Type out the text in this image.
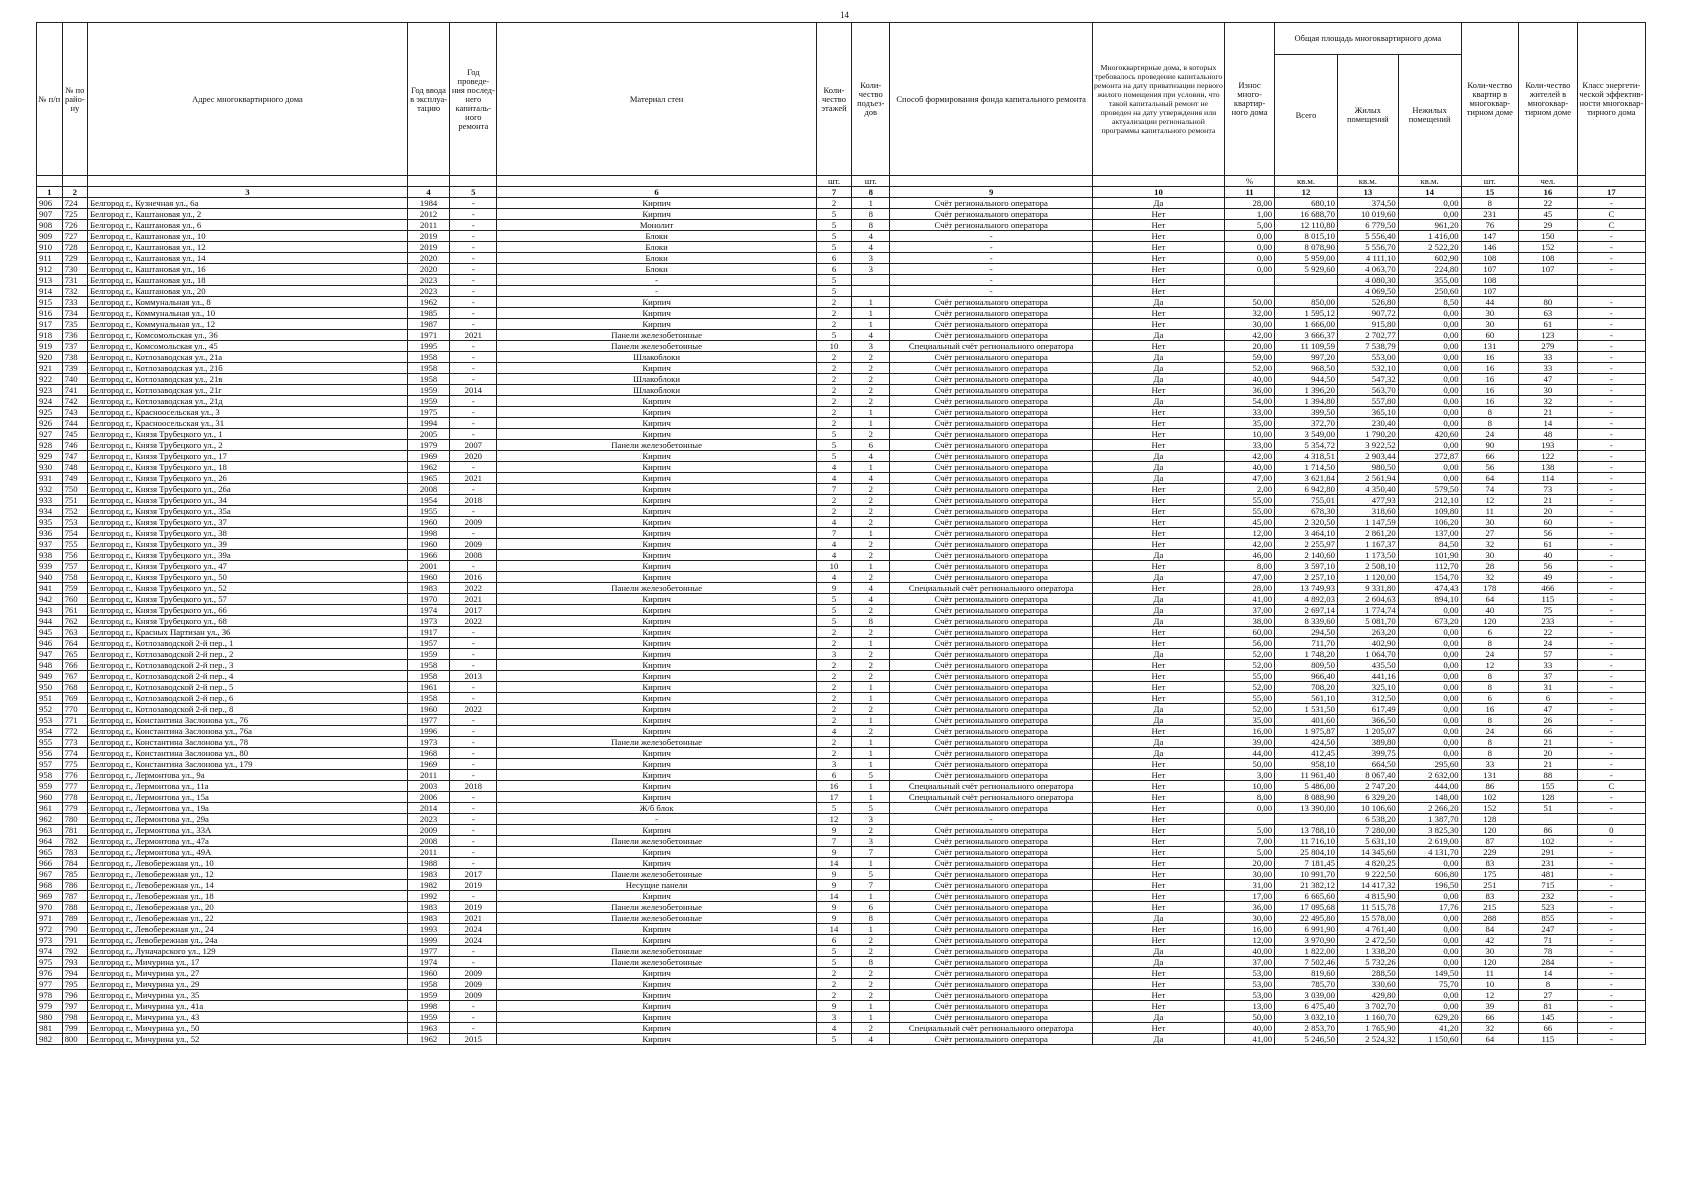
14
№ п/п	№ по райо-ну	Адрес многоквартирного дома	Год ввода в эксплуа-тацию	Год проведе-ния послед-него капиталь-ного ремонта	Материал стен	Коли-чество этажей	Коли-чество подъез-дов	Способ формирования фонда капитального ремонта	Многоквартирные дома, в которых требовалось проведение капитального ремонта на дату приватизации первого жилого помещения при условии, что такой капитальный ремонт не проведен на дату утверждения или актуализации региональной программы капитального ремонта	Износ много-квартир-ного дома	Общая площадь многоквартирного дома			Коли-чество квартир в многоквар-тирном доме	Коли-чество жителей в многоквар-тирном доме	Класс энергети-ческой эффектив-ности многоквар-тирного дома
											Всего	Жилых помещений	Нежилых помещений			
						шт.	шт.			%	кв.м.	кв.м.	кв.м.	шт.	чел.	
1	2	3	4	5	6	7	8	9	10	11	12	13	14	15	16	17
906	724	Белгород г., Кузнечная ул., 6а	1984	-	Кирпич	2	1	Счёт регионального оператора	Да	28,00	680,10	374,50	0,00	8	22	-
907	725	Белгород г., Каштановая ул., 2	2012	-	Кирпич	5	8	Счёт регионального оператора	Нет	1,00	16 688,70	10 019,60	0,00	231	45	С
908	726	Белгород г., Каштановая ул., 6	2011	-	Монолит	5	8	Счёт регионального оператора	Нет	5,00	12 110,80	6 779,50	961,20	76	29	С
909	727	Белгород г., Каштановая ул., 10	2019	-	Блоки	5	4	-	Нет	0,00	8 015,10	5 556,40	1 416,00	147	150	-
910	728	Белгород г., Каштановая ул., 12	2019	-	Блоки	5	4	-	Нет	0,00	8 078,90	5 556,70	2 522,20	146	152	-
911	729	Белгород г., Каштановая ул., 14	2020	-	Блоки	6	3	-	Нет	0,00	5 959,00	4 111,10	602,90	108	108	-
912	730	Белгород г., Каштановая ул., 16	2020	-	Блоки	6	3	-	Нет	0,00	5 929,60	4 063,70	224,80	107	107	-
913	731	Белгород г., Каштановая ул., 18	2023	-	-	5		-	Нет			4 080,30	355,00	108		
914	732	Белгород г., Каштановая ул., 20	2023	-	-	5		-	Нет			4 069,50	250,60	107		
915	733	Белгород г., Коммунальная ул., 8	1962	-	Кирпич	2	1	Счёт регионального оператора	Да	50,00	850,00	526,80	8,50	44	80	-
916	734	Белгород г., Коммунальная ул., 10	1985	-	Кирпич	2	1	Счёт регионального оператора	Нет	32,00	1 595,12	907,72	0,00	30	63	-
917	735	Белгород г., Коммунальная ул., 12	1987	-	Кирпич	2	1	Счёт регионального оператора	Нет	30,00	1 666,00	915,80	0,00	30	61	-
918	736	Белгород г., Комсомольская ул., 36	1971	2021	Панели железобетонные	5	4	Счёт регионального оператора	Да	42,00	3 666,37	2 702,77	0,00	60	123	-
919	737	Белгород г., Комсомольская ул., 45	1995	-	Панели железобетонные	10	3	Специальный счёт регионального оператора	Нет	20,00	11 109,59	7 538,79	0,00	131	279	-
920	738	Белгород г., Котлозаводская ул., 21а	1958	-	Шлакоблоки	2	2	Счёт регионального оператора	Да	59,00	997,20	553,00	0,00	16	33	-
921	739	Белгород г., Котлозаводская ул., 21б	1958	-	Кирпич	2	2	Счёт регионального оператора	Да	52,00	968,50	532,10	0,00	16	33	-
922	740	Белгород г., Котлозаводская ул., 21в	1958	-	Шлакоблоки	2	2	Счёт регионального оператора	Да	40,00	944,50	547,32	0,00	16	47	-
923	741	Белгород г., Котлозаводская ул., 21г	1959	2014	Шлакоблоки	2	2	Счёт регионального оператора	Нет	36,00	1 396,20	563,70	0,00	16	30	-
924	742	Белгород г., Котлозаводская ул., 21д	1959	-	Кирпич	2	2	Счёт регионального оператора	Да	54,00	1 394,80	557,80	0,00	16	32	-
925	743	Белгород г., Красноосельская ул., 3	1975	-	Кирпич	2	1	Счёт регионального оператора	Нет	33,00	399,50	365,10	0,00	8	21	-
926	744	Белгород г., Красноосельская ул., 31	1994	-	Кирпич	2	1	Счёт регионального оператора	Нет	35,00	372,70	230,40	0,00	8	14	-
927	745	Белгород г., Князя Трубецкого ул., 1	2005	-	Кирпич	5	2	Счёт регионального оператора	Нет	10,00	3 549,00	1 790,20	420,60	24	48	-
928	746	Белгород г., Князя Трубецкого ул., 2	1979	2007	Панели железобетонные	5	6	Счёт регионального оператора	Нет	33,00	5 354,72	3 922,52	0,00	90	193	-
929	747	Белгород г., Князя Трубецкого ул., 17	1969	2020	Кирпич	5	4	Счёт регионального оператора	Да	42,00	4 318,51	2 903,44	272,87	66	122	-
930	748	Белгород г., Князя Трубецкого ул., 18	1962	-	Кирпич	4	1	Счёт регионального оператора	Да	40,00	1 714,50	980,50	0,00	56	138	-
931	749	Белгород г., Князя Трубецкого ул., 26	1965	2021	Кирпич	4	4	Счёт регионального оператора	Да	47,00	3 621,84	2 561,94	0,00	64	114	-
932	750	Белгород г., Князя Трубецкого ул., 26а	2008	-	Кирпич	7	2	Счёт регионального оператора	Нет	2,00	6 942,80	4 350,40	579,50	74	73	-
933	751	Белгород г., Князя Трубецкого ул., 34	1954	2018	Кирпич	2	2	Счёт регионального оператора	Нет	55,00	755,01	477,93	212,10	12	21	-
934	752	Белгород г., Князя Трубецкого ул., 35а	1955	-	Кирпич	2	2	Счёт регионального оператора	Нет	55,00	678,30	318,60	109,80	11	20	-
935	753	Белгород г., Князя Трубецкого ул., 37	1960	2009	Кирпич	4	2	Счёт регионального оператора	Нет	45,00	2 320,50	1 147,59	106,20	30	60	-
936	754	Белгород г., Князя Трубецкого ул., 38	1998	-	Кирпич	7	1	Счёт регионального оператора	Нет	12,00	3 464,10	2 861,20	137,00	27	56	-
937	755	Белгород г., Князя Трубецкого ул., 39	1960	2009	Кирпич	4	2	Счёт регионального оператора	Нет	42,00	2 255,97	1 167,37	84,50	32	61	-
938	756	Белгород г., Князя Трубецкого ул., 39а	1966	2008	Кирпич	4	2	Счёт регионального оператора	Да	46,00	2 140,60	1 173,50	101,90	30	40	-
939	757	Белгород г., Князя Трубецкого ул., 47	2001	-	Кирпич	10	1	Счёт регионального оператора	Нет	8,00	3 597,10	2 508,10	112,70	28	56	-
940	758	Белгород г., Князя Трубецкого ул., 50	1960	2016	Кирпич	4	2	Счёт регионального оператора	Да	47,00	2 257,10	1 120,00	154,70	32	49	-
941	759	Белгород г., Князя Трубецкого ул., 52	1983	2022	Панели железобетонные	9	4	Специальный счёт регионального оператора	Нет	28,00	13 749,93	9 331,80	474,43	178	466	-
942	760	Белгород г., Князя Трубецкого ул., 57	1970	2021	Кирпич	5	4	Счёт регионального оператора	Да	41,00	4 892,03	2 604,63	894,10	64	115	-
943	761	Белгород г., Князя Трубецкого ул., 66	1974	2017	Кирпич	5	2	Счёт регионального оператора	Да	37,00	2 697,14	1 774,74	0,00	40	75	-
944	762	Белгород г., Князя Трубецкого ул., 68	1973	2022	Кирпич	5	8	Счёт регионального оператора	Да	38,00	8 339,60	5 081,70	673,20	120	233	-
945	763	Белгород г., Красных Партизан ул., 36	1917	-	Кирпич	2	2	Счёт регионального оператора	Нет	60,00	294,50	263,20	0,00	6	22	-
946	764	Белгород г., Котлозаводской 2-й пер., 1	1957	-	Кирпич	2	1	Счёт регионального оператора	Нет	56,00	711,70	402,90	0,00	8	24	-
947	765	Белгород г., Котлозаводской 2-й пер., 2	1959	-	Кирпич	3	2	Счёт регионального оператора	Да	52,00	1 748,20	1 064,70	0,00	24	57	-
948	766	Белгород г., Котлозаводской 2-й пер., 3	1958	-	Кирпич	2	2	Счёт регионального оператора	Нет	52,00	809,50	435,50	0,00	12	33	-
949	767	Белгород г., Котлозаводской 2-й пер., 4	1958	2013	Кирпич	2	2	Счёт регионального оператора	Нет	55,00	966,40	441,16	0,00	8	37	-
950	768	Белгород г., Котлозаводской 2-й пер., 5	1961	-	Кирпич	2	1	Счёт регионального оператора	Нет	52,00	708,20	325,10	0,00	8	31	-
951	769	Белгород г., Котлозаводской 2-й пер., 6	1958	-	Кирпич	2	1	Счёт регионального оператора	Нет	55,00	561,10	312,50	0,00	6	6	-
952	770	Белгород г., Котлозаводской 2-й пер., 8	1960	2022	Кирпич	2	2	Счёт регионального оператора	Да	52,00	1 531,50	617,49	0,00	16	47	-
953	771	Белгород г., Константина Заслонова ул., 76	1977	-	Кирпич	2	1	Счёт регионального оператора	Да	35,00	401,60	366,50	0,00	8	26	-
954	772	Белгород г., Константина Заслонова ул., 76а	1996	-	Кирпич	4	2	Счёт регионального оператора	Нет	16,00	1 975,87	1 205,07	0,00	24	66	-
955	773	Белгород г., Константина Заслонова ул., 78	1973	-	Панели железобетонные	2	1	Счёт регионального оператора	Да	39,00	424,50	389,80	0,00	8	21	-
956	774	Белгород г., Константина Заслонова ул., 80	1968	-	Кирпич	2	1	Счёт регионального оператора	Да	44,00	412,45	399,75	0,00	8	20	-
957	775	Белгород г., Константина Заслонова ул., 179	1969	-	Кирпич	3	1	Счёт регионального оператора	Нет	50,00	958,10	664,50	295,60	33	21	-
958	776	Белгород г., Лермонтова ул., 9а	2011	-	Кирпич	6	5	Счёт регионального оператора	Нет	3,00	11 961,40	8 067,40	2 632,00	131	88	-
959	777	Белгород г., Лермонтова ул., 11а	2003	2018	Кирпич	16	1	Специальный счёт регионального оператора	Нет	10,00	5 486,00	2 747,20	444,00	86	155	С
960	778	Белгород г., Лермонтова ул., 15а	2006	-	Кирпич	17	1	Специальный счёт регионального оператора	Нет	8,00	8 088,90	6 329,20	148,00	102	128	-
961	779	Белгород г., Лермонтова ул., 19а	2014	-	Ж/б блок	5	5	Счёт регионального оператора	Нет	0,00	13 390,00	10 106,60	2 266,20	152	51	-
962	780	Белгород г., Лермонтова ул., 29а	2023	-	-	12	3	-	Нет			6 538,20	1 387,70	128		
963	781	Белгород г., Лермонтова ул., 33А	2009	-	Кирпич	9	2	Счёт регионального оператора	Нет	5,00	13 788,10	7 280,00	3 825,30	120	86	0
964	782	Белгород г., Лермонтова ул., 47а	2008	-	Панели железобетонные	7	3	Счёт регионального оператора	Нет	7,00	11 716,10	5 631,10	2 619,00	87	102	-
965	783	Белгород г., Лермонтова ул., 49А	2011	-	Кирпич	9	7	Счёт регионального оператора	Нет	5,00	25 804,10	14 345,60	4 131,70	229	291	-
966	784	Белгород г., Левобережная ул., 10	1988	-	Кирпич	14	1	Счёт регионального оператора	Нет	20,00	7 181,45	4 820,25	0,00	83	231	-
967	785	Белгород г., Левобережная ул., 12	1983	2017	Панели железобетонные	9	5	Счёт регионального оператора	Нет	30,00	10 991,70	9 222,50	606,80	175	481	-
968	786	Белгород г., Левобережная ул., 14	1982	2019	Несущие панели	9	7	Счёт регионального оператора	Нет	31,00	21 382,12	14 417,32	196,50	251	715	-
969	787	Белгород г., Левобережная ул., 18	1992	-	Кирпич	14	1	Счёт регионального оператора	Нет	17,00	6 665,60	4 815,90	0,00	83	232	-
970	788	Белгород г., Левобережная ул., 20	1983	2019	Панели железобетонные	9	6	Счёт регионального оператора	Нет	36,00	17 095,68	11 515,78	17,76	215	523	-
971	789	Белгород г., Левобережная ул., 22	1983	2021	Панели железобетонные	9	8	Счёт регионального оператора	Да	30,00	22 495,80	15 578,00	0,00	288	855	-
972	790	Белгород г., Левобережная ул., 24	1993	2024	Кирпич	14	1	Счёт регионального оператора	Нет	16,00	6 991,90	4 761,40	0,00	84	247	-
973	791	Белгород г., Левобережная ул., 24а	1999	2024	Кирпич	6	2	Счёт регионального оператора	Нет	12,00	3 970,90	2 472,50	0,00	42	71	-
974	792	Белгород г., Луначарского ул., 129	1977	-	Панели железобетонные	5	2	Счёт регионального оператора	Да	40,00	1 822,00	1 338,20	0,00	30	78	-
975	793	Белгород г., Мичурина ул., 17	1974	-	Панели железобетонные	5	8	Счёт регионального оператора	Да	37,00	7 502,46	5 732,26	0,00	120	284	-
976	794	Белгород г., Мичурина ул., 27	1960	2009	Кирпич	2	2	Счёт регионального оператора	Нет	53,00	819,60	288,50	149,50	11	14	-
977	795	Белгород г., Мичурина ул., 29	1958	2009	Кирпич	2	2	Счёт регионального оператора	Нет	53,00	785,70	330,60	75,70	10	8	-
978	796	Белгород г., Мичурина ул., 35	1959	2009	Кирпич	2	2	Счёт регионального оператора	Нет	53,00	3 039,00	429,80	0,00	12	27	-
979	797	Белгород г., Мичурина ул., 41а	1998	-	Кирпич	9	1	Счёт регионального оператора	Нет	13,00	6 475,40	3 702,70	0,00	39	81	-
980	798	Белгород г., Мичурина ул., 43	1959	-	Кирпич	3	1	Счёт регионального оператора	Да	50,00	3 032,10	1 160,70	629,20	66	145	-
981	799	Белгород г., Мичурина ул., 50	1963	-	Кирпич	4	2	Специальный счёт регионального оператора	Нет	40,00	2 853,70	1 765,90	41,20	32	66	-
982	800	Белгород г., Мичурина ул., 52	1962	2015	Кирпич	5	4	Счёт регионального оператора	Да	41,00	5 246,50	2 524,32	1 150,60	64	115	-
